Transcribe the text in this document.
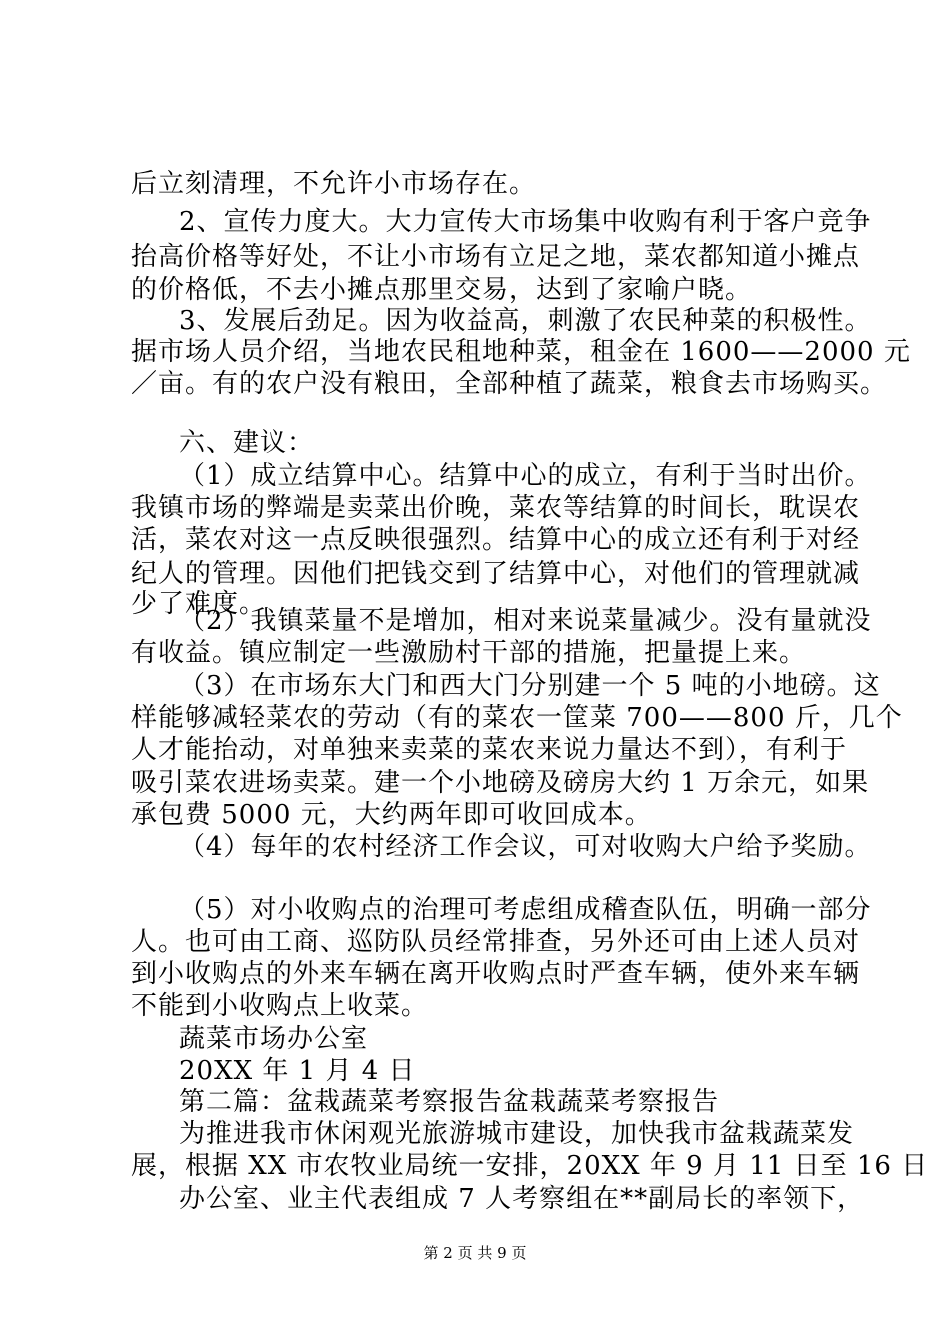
后立刻清理，不允许小市场存在。
2、宣传力度大。大力宣传大市场集中收购有利于客户竞争
抬高价格等好处，不让小市场有立足之地，菜农都知道小摊点
的价格低，不去小摊点那里交易，达到了家喻户晓。
3、发展后劲足。因为收益高，刺激了农民种菜的积极性。
据市场人员介绍，当地农民租地种菜，租金在 1600——2000 元
／亩。有的农户没有粮田，全部种植了蔬菜，粮食去市场购买。
六、建议：
（1）成立结算中心。结算中心的成立，有利于当时出价。
我镇市场的弊端是卖菜出价晚，菜农等结算的时间长，耽误农
活，菜农对这一点反映很强烈。结算中心的成立还有利于对经
纪人的管理。因他们把钱交到了结算中心，对他们的管理就减
少了难度。
（2）我镇菜量不是增加，相对来说菜量减少。没有量就没
有收益。镇应制定一些激励村干部的措施，把量提上来。
（3）在市场东大门和西大门分别建一个 5 吨的小地磅。这
样能够减轻菜农的劳动（有的菜农一筐菜 700——800 斤，几个
人才能抬动，对单独来卖菜的菜农来说力量达不到），有利于
吸引菜农进场卖菜。建一个小地磅及磅房大约 1 万余元，如果
承包费 5000 元，大约两年即可收回成本。
（4）每年的农村经济工作会议，可对收购大户给予奖励。
（5）对小收购点的治理可考虑组成稽查队伍，明确一部分
人。也可由工商、巡防队员经常排查，另外还可由上述人员对
到小收购点的外来车辆在离开收购点时严查车辆，使外来车辆
不能到小收购点上收菜。
蔬菜市场办公室
20XX 年 1 月 4 日
第二篇：盆栽蔬菜考察报告盆栽蔬菜考察报告
为推进我市休闲观光旅游城市建设，加快我市盆栽蔬菜发
展，根据 XX 市农牧业局统一安排，20XX 年 9 月 11 日至 16 日
办公室、业主代表组成 7 人考察组在**副局长的率领下，
第 2 页 共 9 页
